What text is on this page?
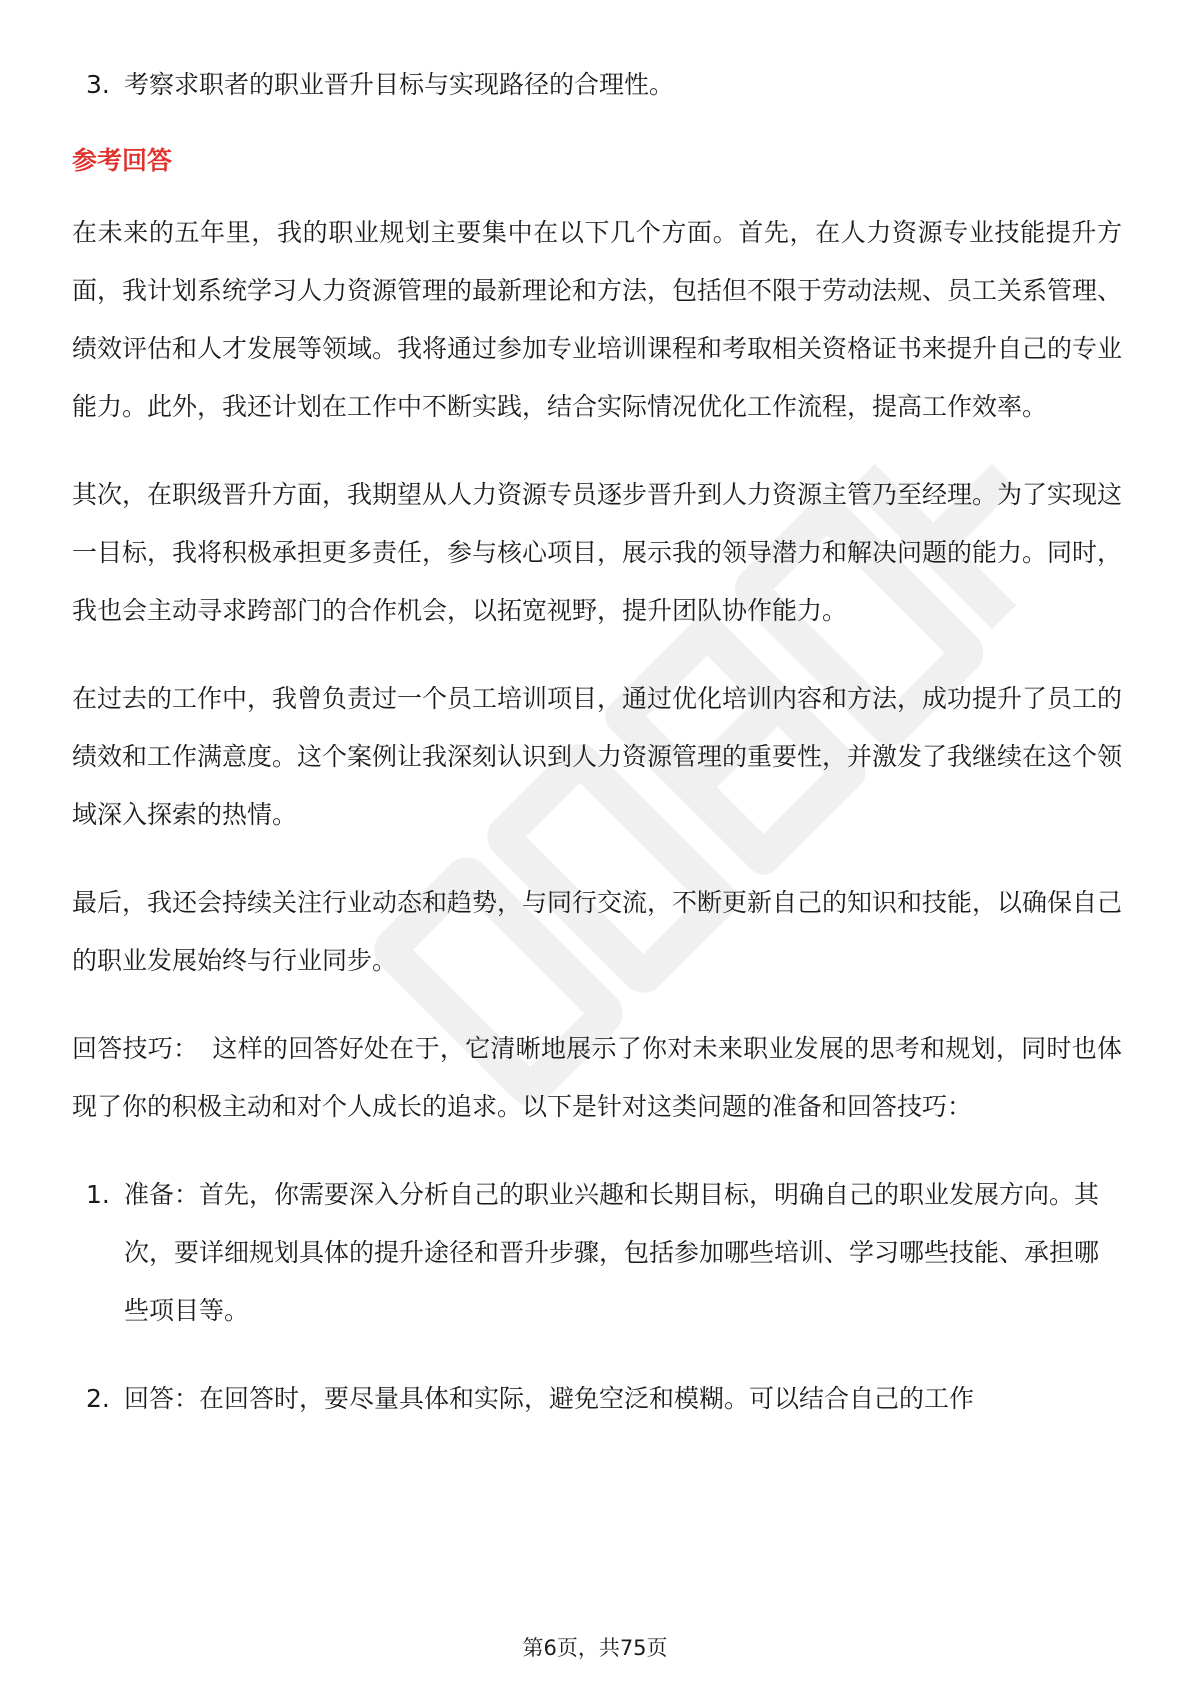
3. 考察求职者的职业晋升目标与实现路径的合理性。
参考回答

在未来的五年里，我的职业规划主要集中在以下几个方面。首先，在人力资源专业技能提升方面，我计划系统学习人力资源管理的最新理论和方法，包括但不限于劳动法规、员工关系管理、绩效评估和人才发展等领域。我将通过参加专业培训课程和考取相关资格证书来提升自己的专业能力。此外，我还计划在工作中不断实践，结合实际情况优化工作流程，提高工作效率。

其次，在职级晋升方面，我期望从人力资源专员逐步晋升到人力资源主管乃至经理。为了实现这一目标，我将积极承担更多责任，参与核心项目，展示我的领导潜力和解决问题的能力。同时，我也会主动寻求跨部门的合作机会，以拓宽视野，提升团队协作能力。

在过去的工作中，我曾负责过一个员工培训项目，通过优化培训内容和方法，成功提升了员工的绩效和工作满意度。这个案例让我深刻认识到人力资源管理的重要性，并激发了我继续在这个领域深入探索的热情。

最后，我还会持续关注行业动态和趋势，与同行交流，不断更新自己的知识和技能，以确保自己的职业发展始终与行业同步。

回答技巧： 这样的回答好处在于，它清晰地展示了你对未来职业发展的思考和规划，同时也体现了你的积极主动和对个人成长的追求。以下是针对这类问题的准备和回答技巧：

1. 准备：首先，你需要深入分析自己的职业兴趣和长期目标，明确自己的职业发展方向。其次，要详细规划具体的提升途径和晋升步骤，包括参加哪些培训、学习哪些技能、承担哪些项目等。
2. 回答：在回答时，要尽量具体和实际，避免空泛和模糊。可以结合自己的工作
第6页，共75页
